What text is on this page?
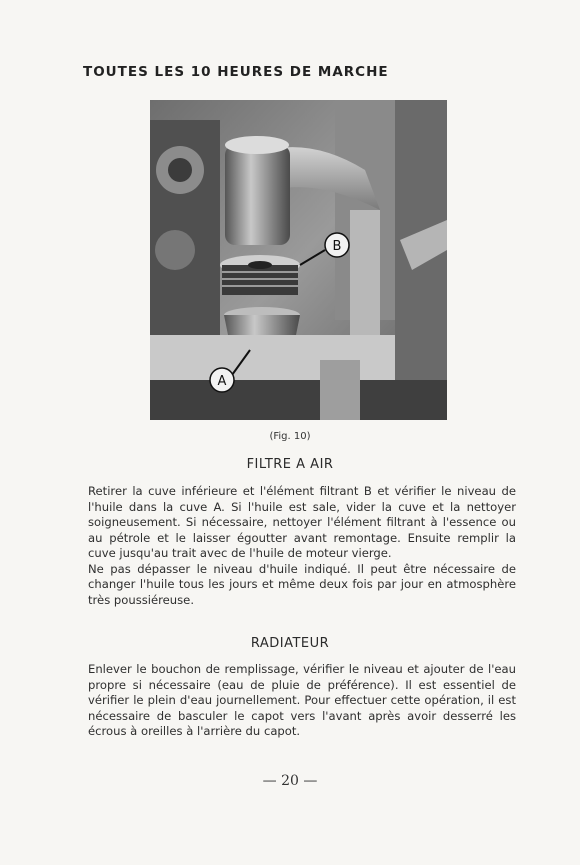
TOUTES LES 10 HEURES DE MARCHE
B
A
(Fig. 10)
FILTRE A AIR

Retirer la cuve inférieure et l'élément filtrant B et vérifier le niveau de l'huile dans la cuve A. Si l'huile est sale, vider la cuve et la nettoyer soigneusement. Si nécessaire, nettoyer l'élément filtrant à l'essence ou au pétrole et le laisser égoutter avant remontage. Ensuite remplir la cuve jusqu'au trait avec de l'huile de moteur vierge.

Ne pas dépasser le niveau d'huile indiqué. Il peut être nécessaire de changer l'huile tous les jours et même deux fois par jour en atmosphère très poussiéreuse.

RADIATEUR

Enlever le bouchon de remplissage, vérifier le niveau et ajouter de l'eau propre si nécessaire (eau de pluie de préférence). Il est essentiel de vérifier le plein d'eau journellement. Pour effectuer cette opération, il est nécessaire de basculer le capot vers l'avant après avoir desserré les écrous à oreilles à l'arrière du capot.

— 20 —
